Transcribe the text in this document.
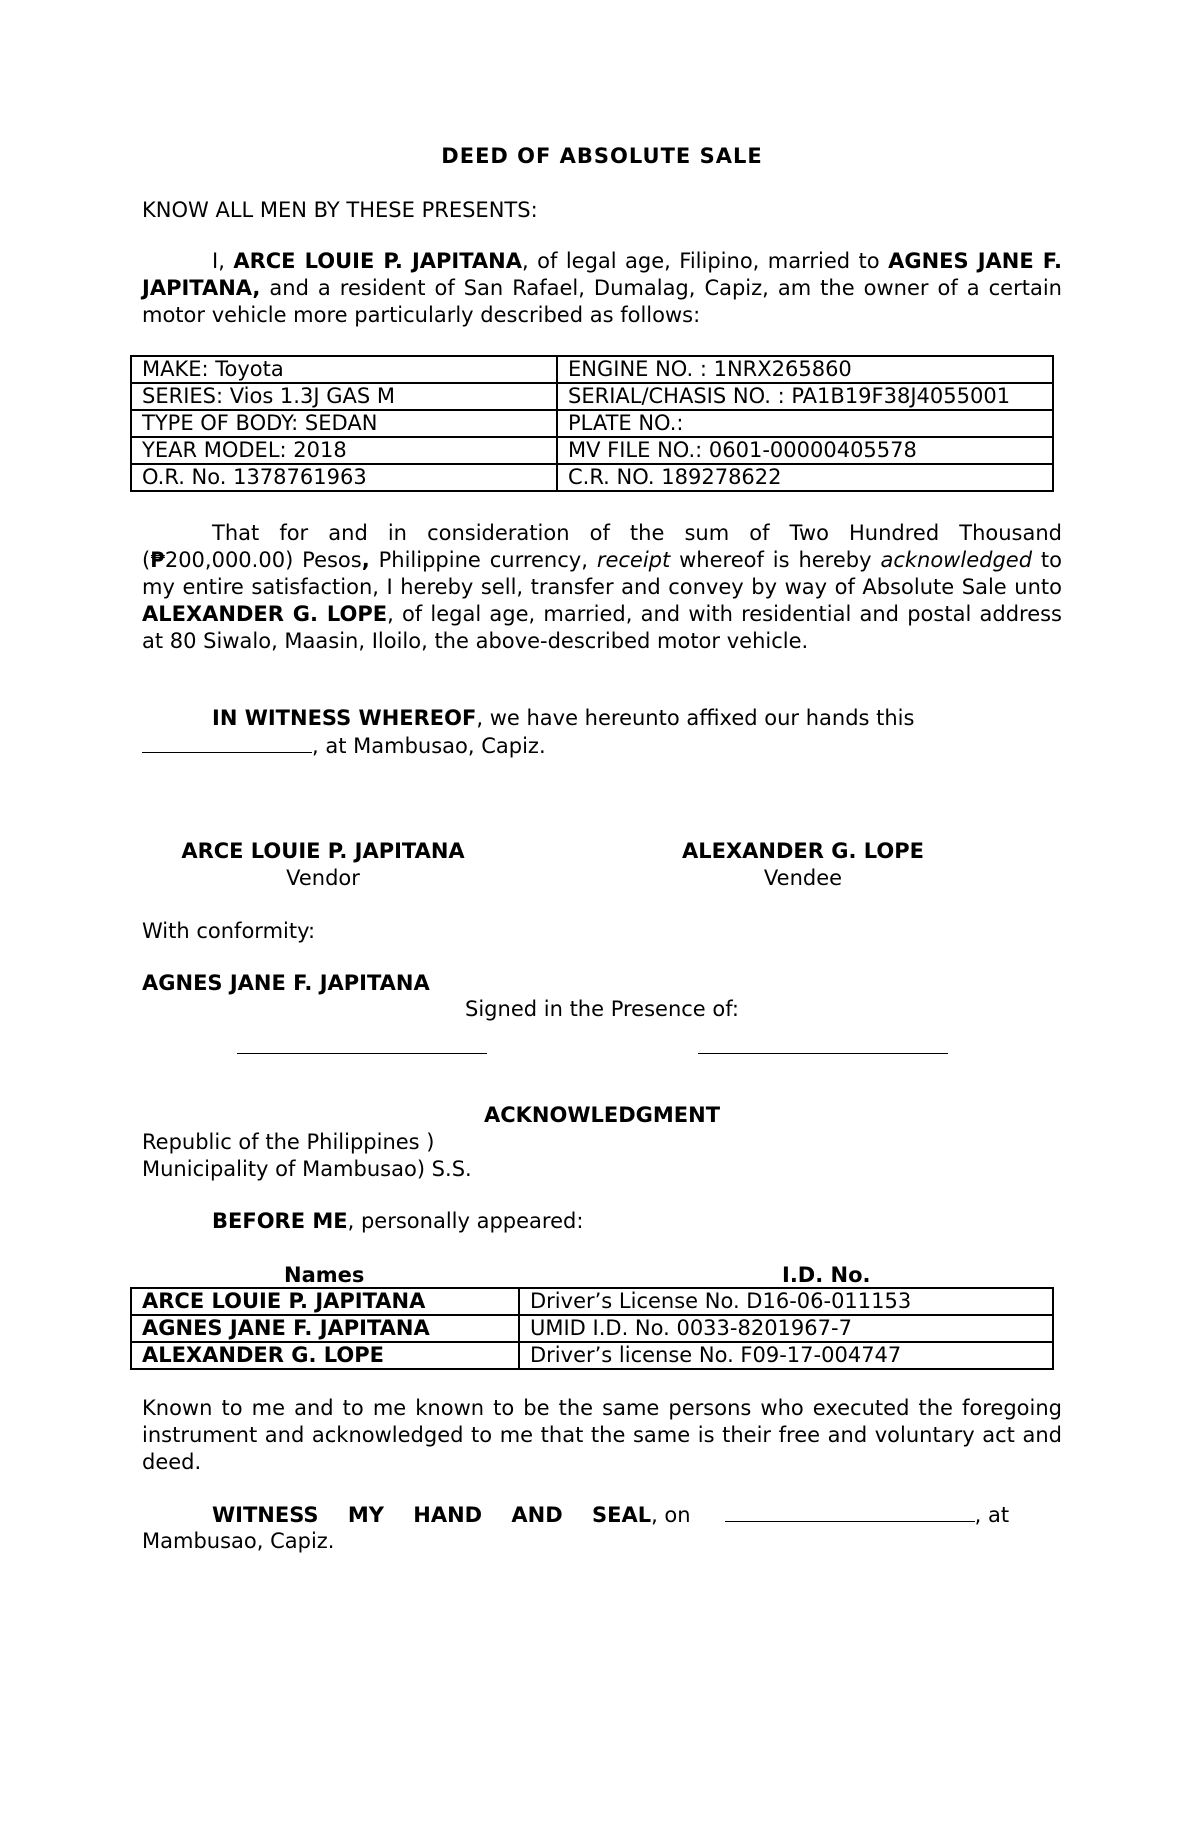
DEED OF ABSOLUTE SALE
KNOW ALL MEN BY THESE PRESENTS:
I, ARCE LOUIE P. JAPITANA, of legal age, Filipino, married to AGNES JANE F. JAPITANA, and a resident of San Rafael, Dumalag, Capiz, am the owner of a certain motor vehicle more particularly described as follows:
MAKE: Toyota	ENGINE NO. : 1NRX265860
SERIES: Vios 1.3J GAS M	SERIAL/CHASIS NO. : PA1B19F38J4055001
TYPE OF BODY: SEDAN	PLATE NO.:
YEAR MODEL: 2018	MV FILE NO.: 0601-00000405578
O.R. No. 1378761963	C.R. NO. 189278622
That for and in consideration of the sum of Two Hundred Thousand (₱200,000.00) Pesos, Philippine currency, receipt whereof is hereby acknowledged to my entire satisfaction, I hereby sell, transfer and convey by way of Absolute Sale unto ALEXANDER G. LOPE, of legal age, married, and with residential and postal address at 80 Siwalo, Maasin, Iloilo, the above-described motor vehicle.
IN WITNESS WHEREOF, we have hereunto affixed our hands this
, at Mambusao, Capiz.
ARCE LOUIE P. JAPITANA
Vendor
ALEXANDER G. LOPE
Vendee
With conformity:
AGNES JANE F. JAPITANA
Signed in the Presence of:
ACKNOWLEDGMENT
Republic of the Philippines )
Municipality of Mambusao) S.S.
BEFORE ME, personally appeared:
Names	I.D. No.
ARCE LOUIE P. JAPITANA	Driver’s License No. D16-06-011153
AGNES JANE F. JAPITANA	UMID I.D. No. 0033-8201967-7
ALEXANDER G. LOPE	Driver’s license No. F09-17-004747
Known to me and to me known to be the same persons who executed the foregoing instrument and acknowledged to me that the same is their free and voluntary act and deed.
WITNESS MY HAND AND SEAL, on	, at
Mambusao, Capiz.
